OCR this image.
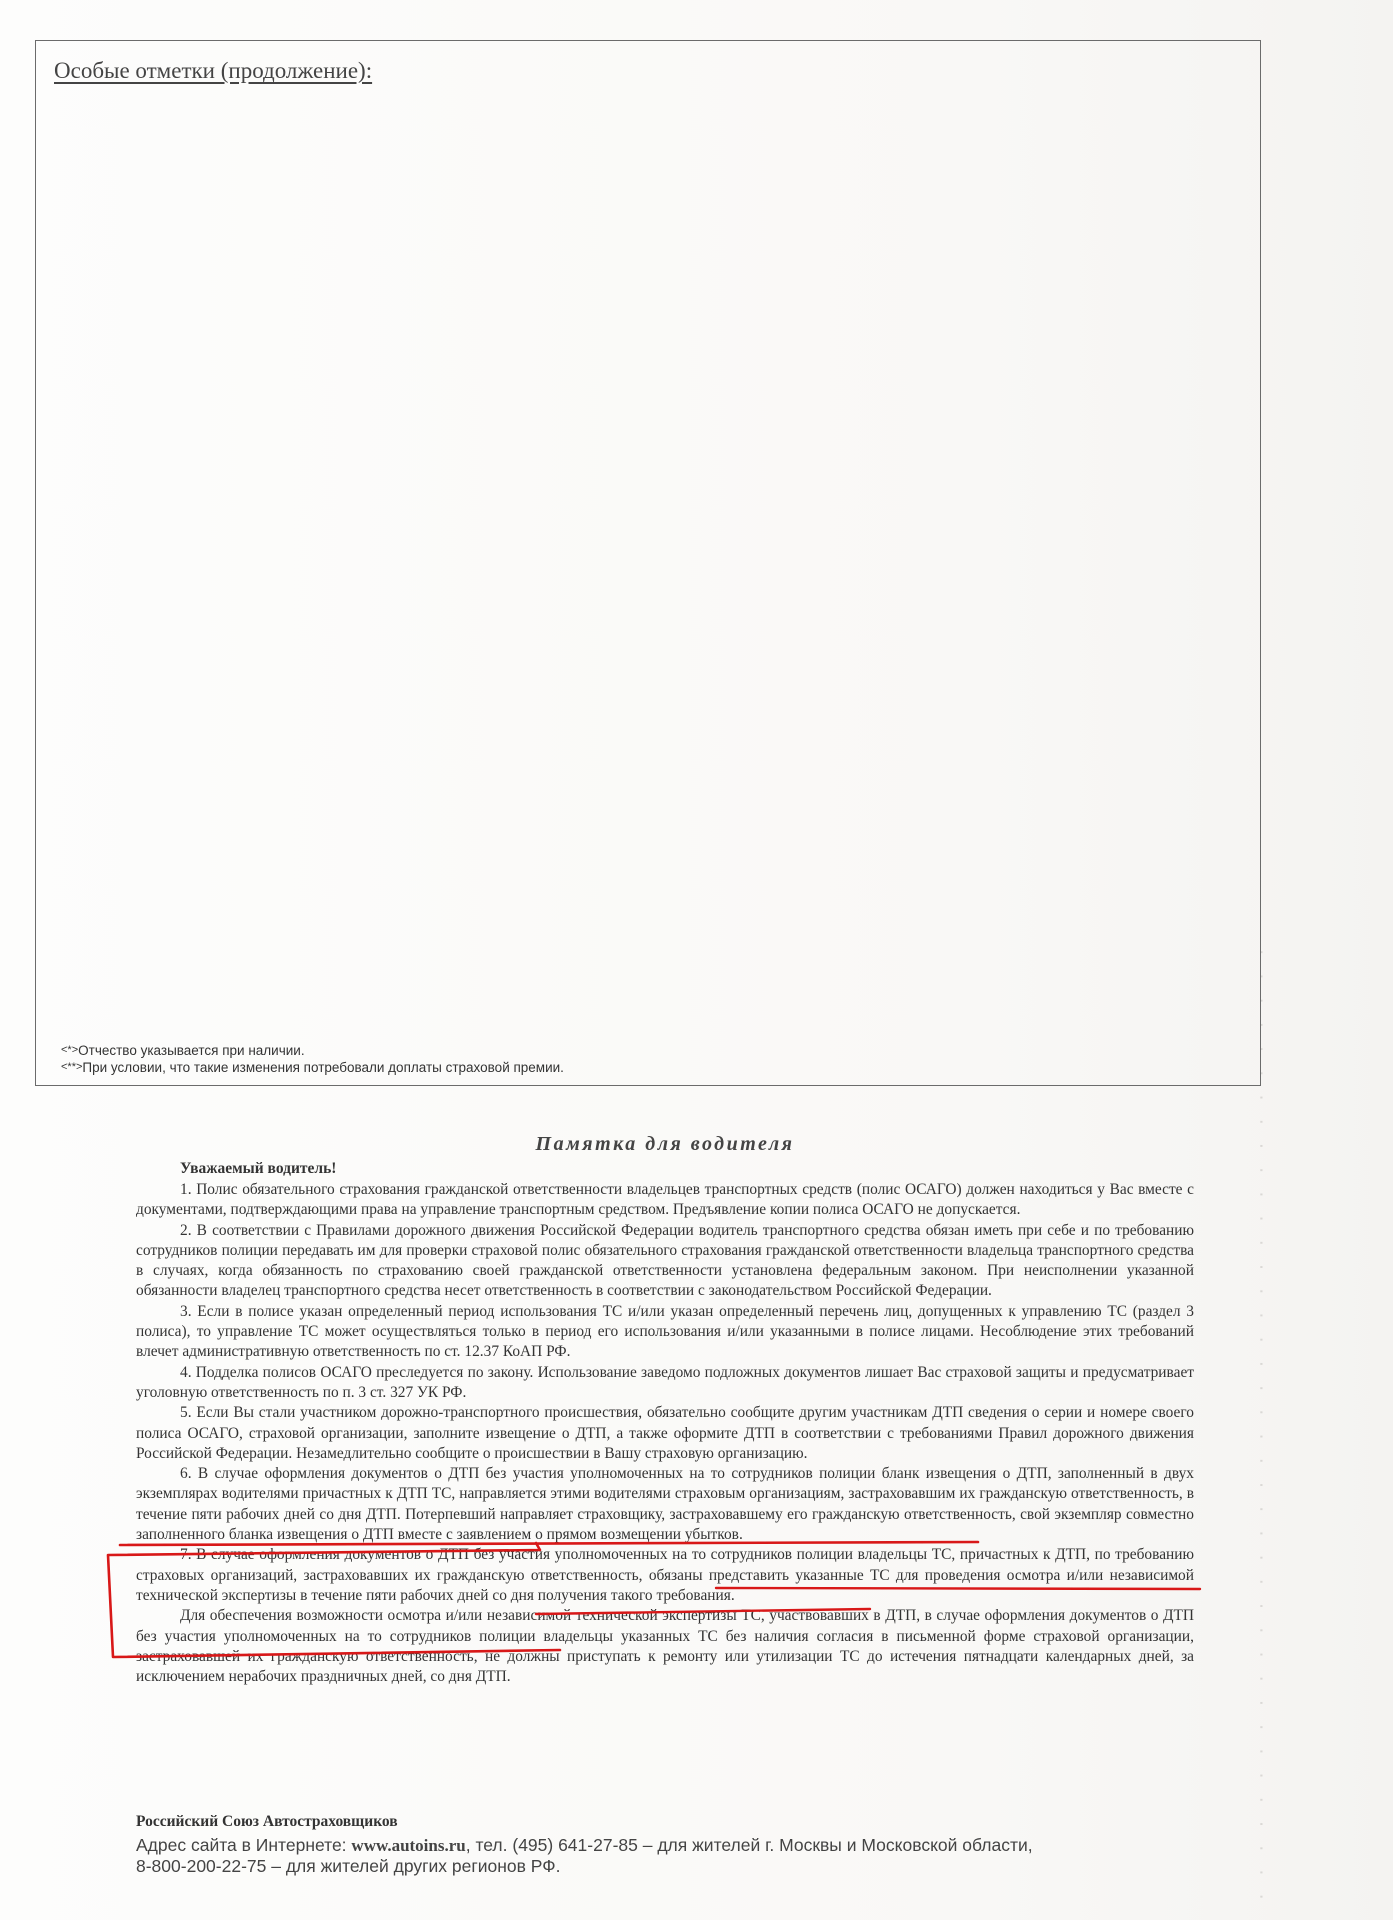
· · · · · · · · · · · · · · · · · · · · · · · · · · · · · · · · · · · · · · · ·
Особые отметки (продолжение):
<*>Отчество указывается при наличии.
<**>При условии, что такие изменения потребовали доплаты страховой премии.
Памятка для водителя
Уважаемый водитель!

1. Полис обязательного страхования гражданской ответственности владельцев транспортных средств (полис ОСАГО) должен находиться у Вас вместе с документами, подтверждающими права на управление транспортным средством. Предъявление копии полиса ОСАГО не допускается.

2. В соответствии с Правилами дорожного движения Российской Федерации водитель транспортного средства обязан иметь при себе и по требованию сотрудников полиции передавать им для проверки страховой полис обязательного страхования гражданской ответственности владельца транспортного средства в случаях, когда обязанность по страхованию своей гражданской ответственности установлена федеральным законом. При неисполнении указанной обязанности владелец транспортного средства несет ответственность в соответствии с законодательством Российской Федерации.

3. Если в полисе указан определенный период использования ТС и/или указан определенный перечень лиц, допущенных к управлению ТС (раздел 3 полиса), то управление ТС может осуществляться только в период его использования и/или указанными в полисе лицами. Несоблюдение этих требований влечет административную ответственность по ст. 12.37 КоАП РФ.

4. Подделка полисов ОСАГО преследуется по закону. Использование заведомо подложных документов лишает Вас страховой защиты и предусматривает уголовную ответственность по п. 3 ст. 327 УК РФ.

5. Если Вы стали участником дорожно-транспортного происшествия, обязательно сообщите другим участникам ДТП сведения о серии и номере своего полиса ОСАГО, страховой организации, заполните извещение о ДТП, а также оформите ДТП в соответствии с требованиями Правил дорожного движения Российской Федерации. Незамедлительно сообщите о происшествии в Вашу страховую организацию.

6. В случае оформления документов о ДТП без участия уполномоченных на то сотрудников полиции бланк извещения о ДТП, заполненный в двух экземплярах водителями причастных к ДТП ТС, направляется этими водителями страховым организациям, застраховавшим их гражданскую ответственность, в течение пяти рабочих дней со дня ДТП. Потерпевший направляет страховщику, застраховавшему его гражданскую ответственность, свой экземпляр совместно заполненного бланка извещения о ДТП вместе с заявлением о прямом возмещении убытков.

7. В случае оформления документов о ДТП без участия уполномоченных на то сотрудников полиции владельцы ТС, причастных к ДТП, по требованию страховых организаций, застраховавших их гражданскую ответственность, обязаны представить указанные ТС для проведения осмотра и/или независимой технической экспертизы в течение пяти рабочих дней со дня получения такого требования.

Для обеспечения возможности осмотра и/или независимой технической экспертизы ТС, участвовавших в ДТП, в случае оформления документов о ДТП без участия уполномоченных на то сотрудников полиции владельцы указанных ТС без наличия согласия в письменной форме страховой организации, застраховавшей их гражданскую ответственность, не должны приступать к ремонту или утилизации ТС до истечения пятнадцати календарных дней, за исключением нерабочих праздничных дней, со дня ДТП.

Российский Союз Автостраховщиков
Адрес сайта в Интернете: www.autoins.ru, тел. (495) 641-27-85 – для жителей г. Москвы и Московской области,
8-800-200-22-75 – для жителей других регионов РФ.
